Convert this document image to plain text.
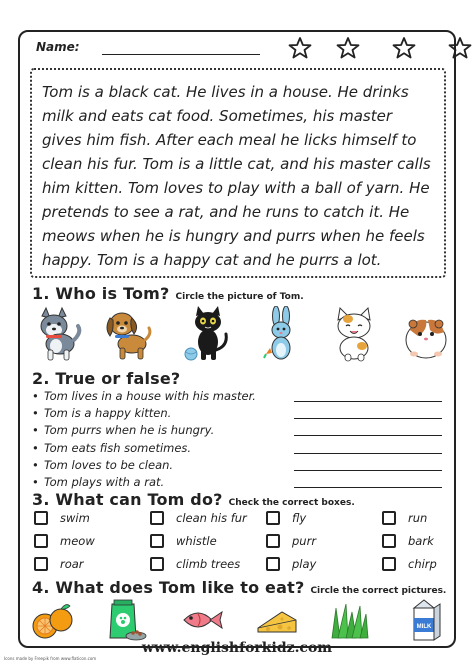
Name:

Tom is a black cat. He lives in a house. He drinks milk and eats cat food. Sometimes, his master gives him fish. After each meal he licks himself to clean his fur. Tom is a little cat, and his master calls him kitten. Tom loves to play with a ball of yarn. He pretends to see a rat, and he runs to catch it. He meows when he is hungry and purrs when he feels happy. Tom is a happy cat and he purrs a lot.

1. Who is Tom? Circle the picture of Tom.
2. True or false?
• Tom lives in a house with his master.
• Tom is a happy kitten.
• Tom purrs when he is hungry.
• Tom eats fish sometimes.
• Tom loves to be clean.
• Tom plays with a rat.
3. What can Tom do? Check the correct boxes.
swim
meow
roar
clean his fur
whistle
climb trees
fly
purr
play
run
bark
chirp
4. What does Tom like to eat? Circle the correct pictures.
MILK
www.englishforkidz.com
Icons made by Freepik from www.flaticon.com
